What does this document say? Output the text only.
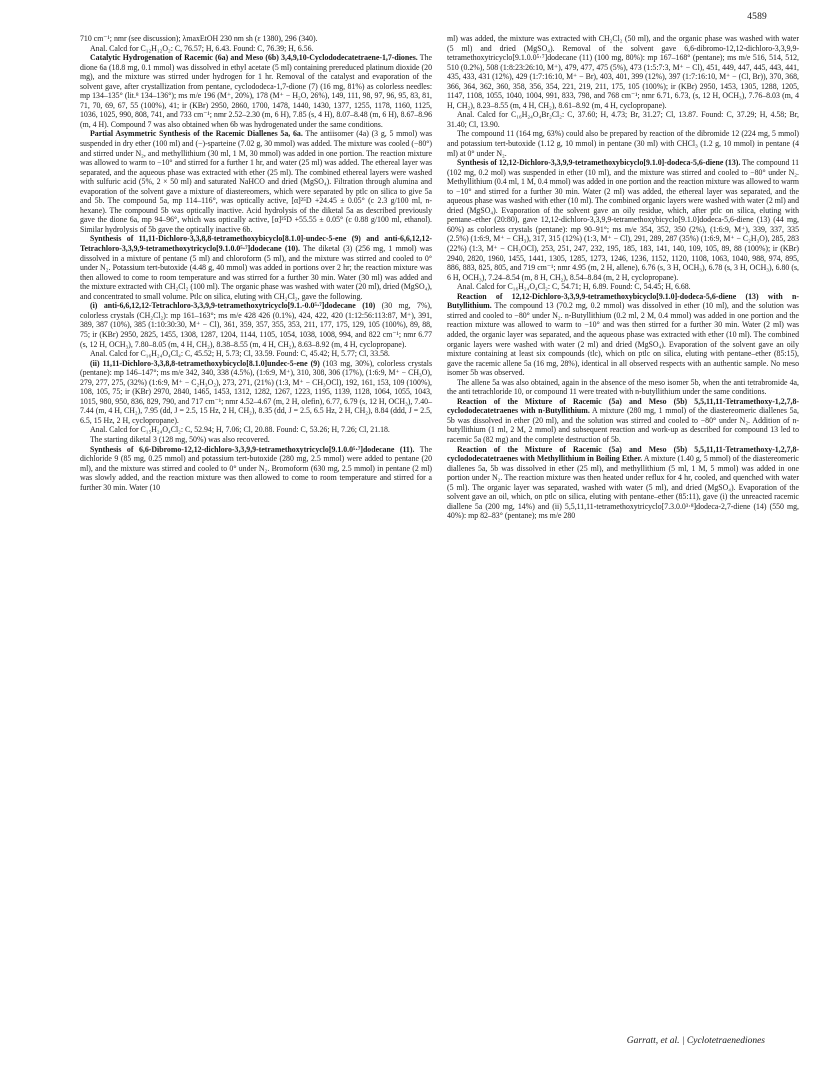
4589

710 cm⁻¹; nmr (see discussion); λmaxEtOH 230 nm sh (ε 1380), 296 (340).

Anal. Calcd for C₁₂H₁₂O₂: C, 76.57; H, 6.43. Found: C, 76.39; H, 6.56.

Catalytic Hydrogenation of Racemic (6a) and Meso (6b) 3,4,9,10-Cyclododecatetraene-1,7-diones. The dione 6a (18.8 mg, 0.1 mmol) was dissolved in ethyl acetate (5 ml) containing prereduced platinum dioxide (20 mg), and the mixture was stirred under hydrogen for 1 hr. Removal of the catalyst and evaporation of the solvent gave, after crystallization from pentane, cyclododeca-1,7-dione (7) (16 mg, 81%) as colorless needles: mp 134–135° (lit.⁸ 134–136°); ms m/e 196 (M⁺, 20%), 178 (M⁺ − H₂O, 26%), 149, 111, 98, 97, 96, 95, 83, 81, 71, 70, 69, 67, 55 (100%), 41; ir (KBr) 2950, 2860, 1700, 1478, 1440, 1430, 1377, 1255, 1178, 1160, 1125, 1036, 1025, 990, 808, 741, and 733 cm⁻¹; nmr 2.52–2.30 (m, 6 H), 7.85 (s, 4 H), 8.07–8.48 (m, 6 H), 8.67–8.96 (m, 4 H). Compound 7 was also obtained when 6b was hydrogenated under the same conditions.

Partial Asymmetric Synthesis of the Racemic Diallenes 5a, 6a. The antiisomer (4a) (3 g, 5 mmol) was suspended in dry ether (100 ml) and (−)-sparteine (7.02 g, 30 mmol) was added. The mixture was cooled (−80°) and stirred under N₂, and methyllithium (30 ml, 1 M, 30 mmol) was added in one portion. The reaction mixture was allowed to warm to −10° and stirred for a further 1 hr, and water (25 ml) was added. The ethereal layer was separated, and the aqueous phase was extracted with ether (25 ml). The combined ethereal layers were washed with sulfuric acid (5%, 2 × 50 ml) and saturated NaHCO and dried (MgSO₄). Filtration through alumina and evaporation of the solvent gave a mixture of diastereomers, which were separated by ptlc on silica to give 5a and 5b. The compound 5a, mp 114–116°, was optically active, [α]²⁵D +24.45 ± 0.05° (c 2.3 g/100 ml, n-hexane). The compound 5b was optically inactive. Acid hydrolysis of the diketal 5a as described previously gave the dione 6a, mp 94–96°, which was optically active, [α]²⁵D +55.55 ± 0.05° (c 0.88 g/100 ml, ethanol). Similar hydrolysis of 5b gave the optically inactive 6b.

Synthesis of 11,11-Dichloro-3,3,8,8-tetramethoxybicyclo[8.1.0]-undec-5-ene (9) and anti-6,6,12,12-Tetrachloro-3,3,9,9-tetramethoxytricyclo[9.1.0.0⁵·⁷]dodecane (10). The diketal (3) (256 mg, 1 mmol) was dissolved in a mixture of pentane (5 ml) and chloroform (5 ml), and the mixture was stirred and cooled to 0° under N₂. Potassium tert-butoxide (4.48 g, 40 mmol) was added in portions over 2 hr; the reaction mixture was then allowed to come to room temperature and was stirred for a further 30 min. Water (30 ml) was added and the mixture extracted with CH₂Cl₂ (100 ml). The organic phase was washed with water (20 ml), dried (MgSO₄), and concentrated to small volume. Ptlc on silica, eluting with CH₂Cl₂, gave the following.

(i) anti-6,6,12,12-Tetrachloro-3,3,9,9-tetramethoxytricyclo[9.1.-0.0⁵·⁷]dodecane (10) (30 mg, 7%), colorless crystals (CH₂Cl₂): mp 161–163°; ms m/e 428 426 (0.1%), 424, 422, 420 (1:12:56:113:87, M⁺), 391, 389, 387 (10%), 385 (1:10:30:30, M⁺ − Cl), 361, 359, 357, 355, 353, 211, 177, 175, 129, 105 (100%), 89, 88, 75; ir (KBr) 2950, 2825, 1455, 1308, 1287, 1204, 1144, 1105, 1054, 1038, 1008, 994, and 822 cm⁻¹; nmr 6.77 (s, 12 H, OCH₃), 7.80–8.05 (m, 4 H, CH₂), 8.38–8.55 (m, 4 H, CH₂), 8.63–8.92 (m, 4 H, cyclopropane).

Anal. Calcd for C₁₆H₂₄O₄Cl₄: C, 45.52; H, 5.73; Cl, 33.59. Found: C, 45.42; H, 5.77; Cl, 33.58.

(ii) 11,11-Dichloro-3,3,8,8-tetramethoxybicyclo[8.1.0]undec-5-ene (9) (103 mg, 30%), colorless crystals (pentane): mp 146–147°; ms m/e 342, 340, 338 (4.5%), (1:6:9, M⁺), 310, 308, 306 (17%), (1:6:9, M⁺ − CH₃O), 279, 277, 275, (32%) (1:6:9, M⁺ − C₂H₃O₂), 273, 271, (21%) (1:3, M⁺ − CH₃OCl), 192, 161, 153, 109 (100%), 108, 105, 75; ir (KBr) 2970, 2840, 1465, 1453, 1312, 1282, 1267, 1223, 1195, 1139, 1128, 1064, 1055, 1043, 1015, 980, 950, 836, 829, 790, and 717 cm⁻¹; nmr 4.52–4.67 (m, 2 H, olefin), 6.77, 6.79 (s, 12 H, OCH₃), 7.40–7.44 (m, 4 H, CH₂), 7.95 (dd, J = 2.5, 15 Hz, 2 H, CH₂), 8.35 (dd, J = 2.5, 6.5 Hz, 2 H, CH₂), 8.84 (ddd, J = 2.5, 6.5, 15 Hz, 2 H, cyclopropane).

Anal. Calcd for C₁₅H₂₄O₄Cl₂: C, 52.94; H, 7.06; Cl, 20.88. Found: C, 53.26; H, 7.26; Cl, 21.18.

The starting diketal 3 (128 mg, 50%) was also recovered.

Synthesis of 6,6-Dibromo-12,12-dichloro-3,3,9,9-tetramethoxytricyclo[9.1.0.0⁵·⁷]dodecane (11). The dichloride 9 (85 mg, 0.25 mmol) and potassium tert-butoxide (280 mg, 2.5 mmol) were added to pentane (20 ml), and the mixture was stirred and cooled to 0° under N₂. Bromoform (630 mg, 2.5 mmol) in pentane (2 ml) was slowly added, and the reaction mixture was then allowed to come to room temperature and stirred for a further 30 min. Water (10

ml) was added, the mixture was extracted with CH₂Cl₂ (50 ml), and the organic phase was washed with water (5 ml) and dried (MgSO₄). Removal of the solvent gave 6,6-dibromo-12,12-dichloro-3,3,9,9-tetramethoxytricyclo[9.1.0.0⁵·⁷]dodecane (11) (100 mg, 80%): mp 167–168° (pentane); ms m/e 516, 514, 512, 510 (0.2%), 508 (1:8:23:26:10, M⁺), 479, 477, 475 (5%), 473 (1:5:7:3, M⁺ − Cl), 451, 449, 447, 445, 443, 441, 435, 433, 431 (12%), 429 (1:7:16:10, M⁺ − Br), 403, 401, 399 (12%), 397 (1:7:16:10, M⁺ − (Cl, Br)), 370, 368, 366, 364, 362, 360, 358, 356, 354, 221, 219, 211, 175, 105 (100%); ir (KBr) 2950, 1453, 1305, 1288, 1205, 1147, 1108, 1055, 1040, 1004, 991, 833, 798, and 768 cm⁻¹; nmr 6.71, 6.73, (s, 12 H, OCH₃), 7.76–8.03 (m, 4 H, CH₂), 8.23–8.55 (m, 4 H, CH₂), 8.61–8.92 (m, 4 H, cyclopropane).

Anal. Calcd for C₁₆H₂₄O₄Br₂Cl₂: C, 37.60; H, 4.73; Br, 31.27; Cl, 13.87. Found: C, 37.29; H, 4.58; Br, 31.40; Cl, 13.90.

The compound 11 (164 mg, 63%) could also be prepared by reaction of the dibromide 12 (224 mg, 5 mmol) and potassium tert-butoxide (1.12 g, 10 mmol) in pentane (30 ml) with CHCl₃ (1.2 g, 10 mmol) in pentane (4 ml) at 0° under N₂.

Synthesis of 12,12-Dichloro-3,3,9,9-tetramethoxybicyclo[9.1.0]-dodeca-5,6-diene (13). The compound 11 (102 mg, 0.2 mol) was suspended in ether (10 ml), and the mixture was stirred and cooled to −80° under N₂. Methyllithium (0.4 ml, 1 M, 0.4 mmol) was added in one portion and the reaction mixture was allowed to warm to −10° and stirred for a further 30 min. Water (2 ml) was added, the ethereal layer was separated, and the aqueous phase was washed with ether (10 ml). The combined organic layers were washed with water (2 ml) and dried (MgSO₄). Evaporation of the solvent gave an oily residue, which, after ptlc on silica, eluting with pentane–ether (20:80), gave 12,12-dichloro-3,3,9,9-tetramethoxybicyclo[9.1.0]dodeca-5,6-diene (13) (44 mg, 60%) as colorless crystals (pentane): mp 90–91°; ms m/e 354, 352, 350 (2%), (1:6:9, M⁺), 339, 337, 335 (2.5%) (1:6:9, M⁺ − CH₃), 317, 315 (12%) (1:3, M⁺ − Cl), 291, 289, 287 (35%) (1:6:9, M⁺ − C₂H₃O), 285, 283 (22%) (1:3, M⁺ − CH₃OCl), 253, 251, 247, 232, 195, 185, 183, 141, 140, 109, 105, 89, 88 (100%); ir (KBr) 2940, 2820, 1960, 1455, 1441, 1305, 1285, 1273, 1246, 1236, 1152, 1120, 1108, 1063, 1040, 988, 974, 895, 886, 883, 825, 805, and 719 cm⁻¹; nmr 4.95 (m, 2 H, allene), 6.76 (s, 3 H, OCH₃), 6.78 (s, 3 H, OCH₃), 6.80 (s, 6 H, OCH₃), 7.24–8.54 (m, 8 H, CH₂), 8.54–8.84 (m, 2 H, cyclopropane).

Anal. Calcd for C₁₆H₂₄O₄Cl₂: C, 54.71; H, 6.89. Found: C, 54.45; H, 6.68.

Reaction of 12,12-Dichloro-3,3,9,9-tetramethoxybicyclo[9.1.0]-dodeca-5,6-diene (13) with n-Butyllithium. The compound 13 (70.2 mg, 0.2 mmol) was dissolved in ether (10 ml), and the solution was stirred and cooled to −80° under N₂. n-Butyllithium (0.2 ml, 2 M, 0.4 mmol) was added in one portion and the reaction mixture was allowed to warm to −10° and was then stirred for a further 30 min. Water (2 ml) was added, the organic layer was separated, and the aqueous phase was extracted with ether (10 ml). The combined organic layers were washed with water (2 ml) and dried (MgSO₄). Evaporation of the solvent gave an oily mixture containing at least six compounds (tlc), which on ptlc on silica, eluting with pentane–ether (85:15), gave the racemic allene 5a (16 mg, 28%), identical in all observed respects with an authentic sample. No meso isomer 5b was observed.

The allene 5a was also obtained, again in the absence of the meso isomer 5b, when the anti tetrabromide 4a, the anti tetrachloride 10, or compound 11 were treated with n-butyllithium under the same conditions.

Reaction of the Mixture of Racemic (5a) and Meso (5b) 5,5,11,11-Tetramethoxy-1,2,7,8-cyclododecatetraenes with n-Butyllithium. A mixture (280 mg, 1 mmol) of the diastereomeric diallenes 5a, 5b was dissolved in ether (20 ml), and the solution was stirred and cooled to −80° under N₂. Addition of n-butyllithium (1 ml, 2 M, 2 mmol) and subsequent reaction and work-up as described for compound 13 led to racemic 5a (82 mg) and the complete destruction of 5b.

Reaction of the Mixture of Racemic (5a) and Meso (5b) 5,5,11,11-Tetramethoxy-1,2,7,8-cyclododecatetraenes with Methyllithium in Boiling Ether. A mixture (1.40 g, 5 mmol) of the diastereomeric diallenes 5a, 5b was dissolved in ether (25 ml), and methyllithium (5 ml, 1 M, 5 mmol) was added in one portion under N₂. The reaction mixture was then heated under reflux for 4 hr, cooled, and quenched with water (5 ml). The organic layer was separated, washed with water (5 ml), and dried (MgSO₄). Evaporation of the solvent gave an oil, which, on ptlc on silica, eluting with pentane–ether (85:11), gave (i) the unreacted racemic diallene 5a (200 mg, 14%) and (ii) 5,5,11,11-tetramethoxytricyclo[7.3.0.0³·⁸]dodeca-2,7-diene (14) (550 mg, 40%): mp 82–83° (pentane); ms m/e 280

Garratt, et al. | Cyclotetraenediones
